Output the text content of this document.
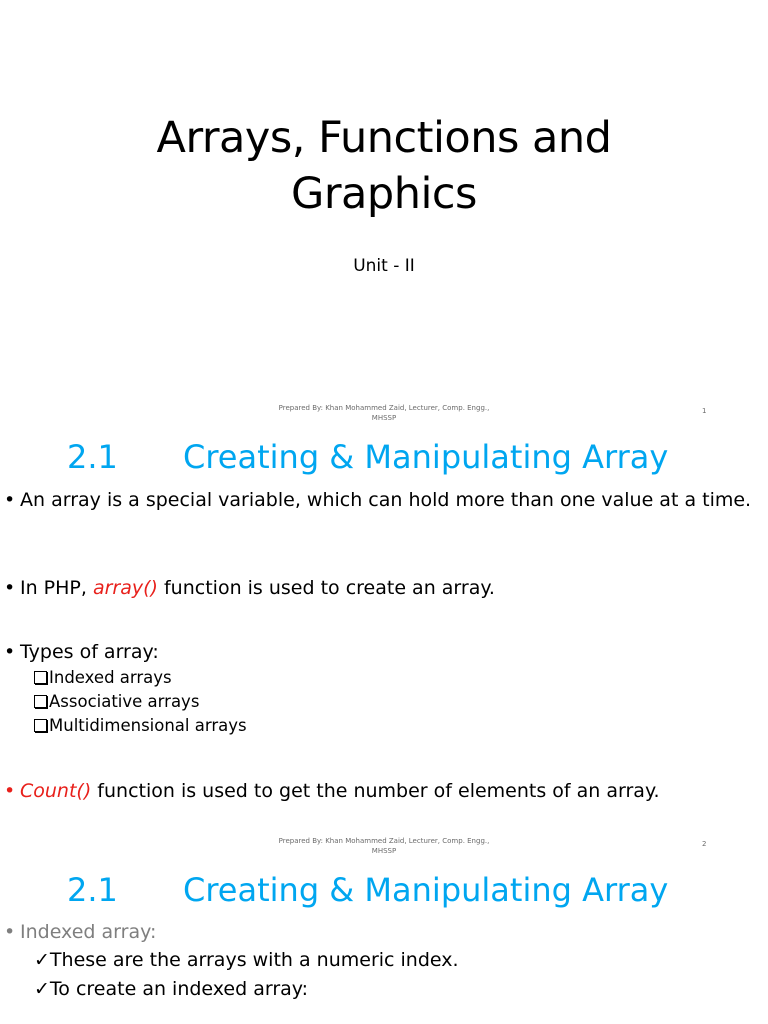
Arrays, Functions and
Graphics
Unit - II
Prepared By: Khan Mohammed Zaid, Lecturer, Comp. Engg.,
MHSSP
1
2.1 Creating & Manipulating Array
• An array is a special variable, which can hold more than one value at a time.
• In PHP, array() function is used to create an array.
• Types of array:
Indexed arrays
Associative arrays
Multidimensional arrays
• Count() function is used to get the number of elements of an array.
Prepared By: Khan Mohammed Zaid, Lecturer, Comp. Engg.,
MHSSP
2
2.1 Creating & Manipulating Array
• Indexed array:
✓These are the arrays with a numeric index.
✓To create an indexed array:
